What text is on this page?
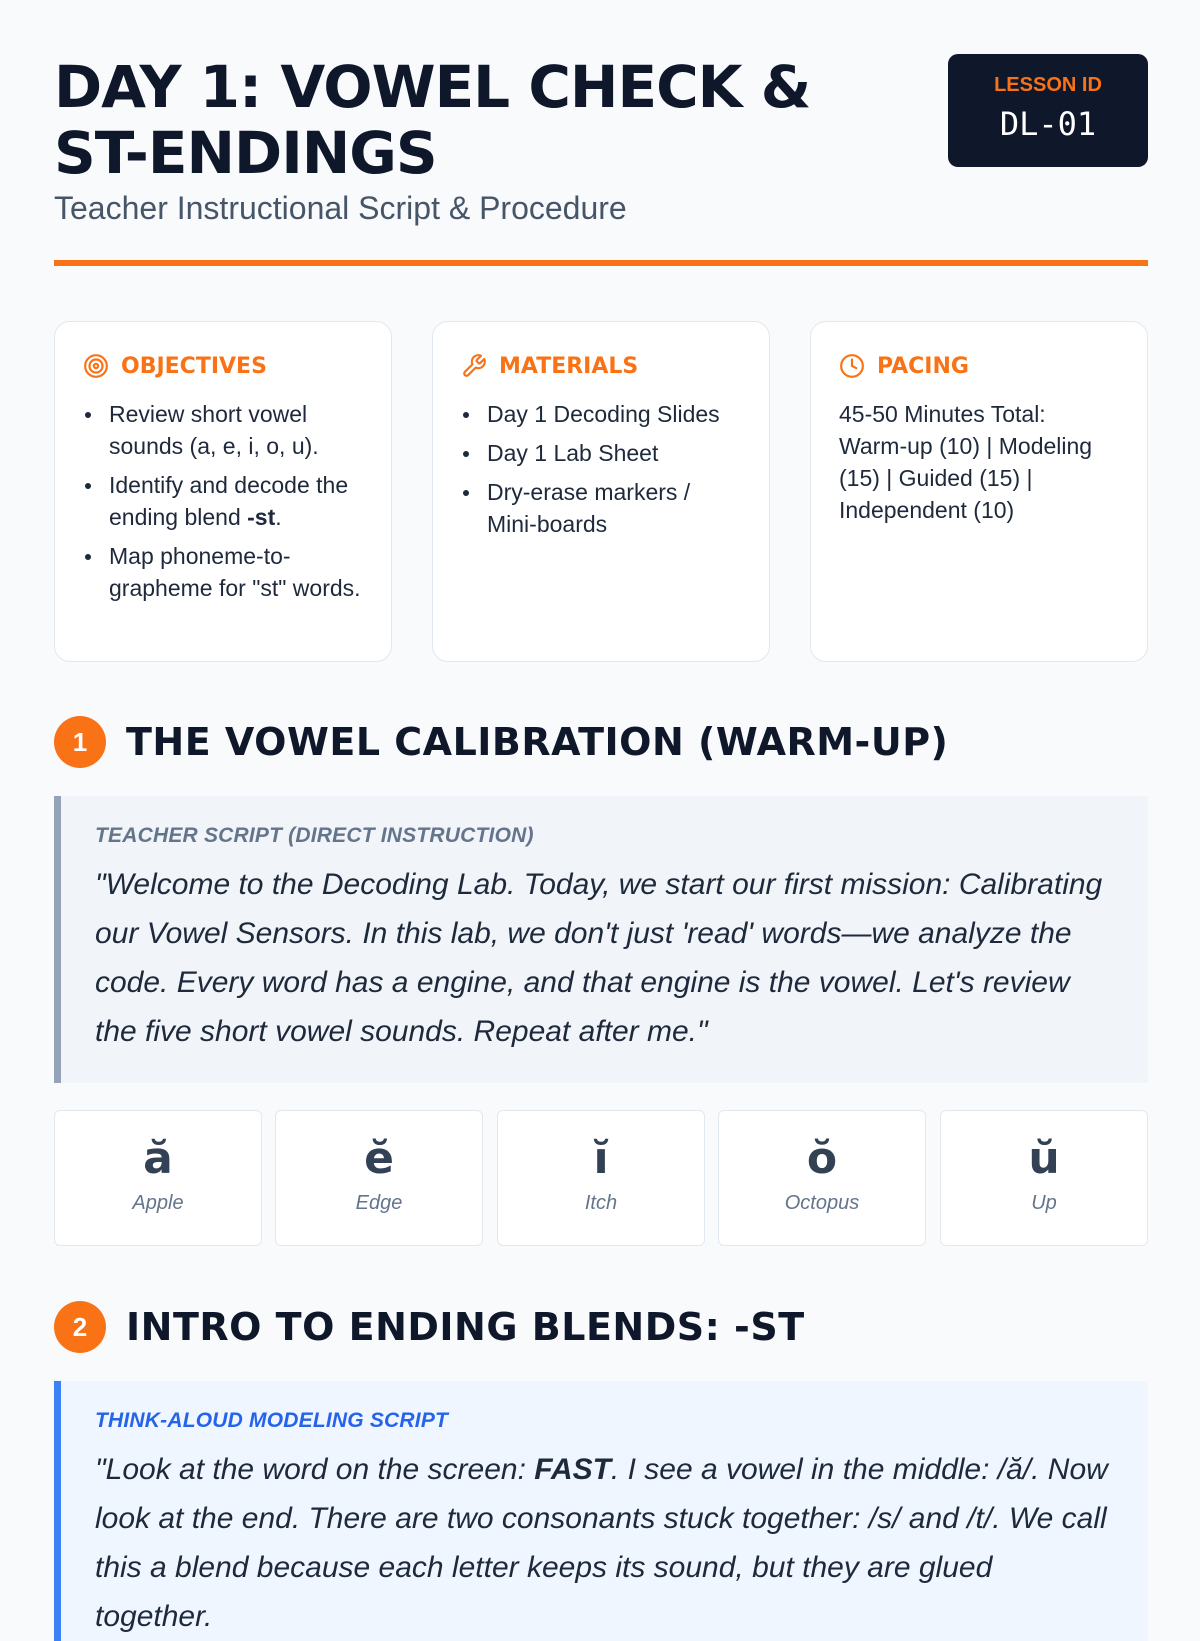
DAY 1: VOWEL CHECK & ST-ENDINGS
Teacher Instructional Script & Procedure
LESSON ID
DL-01
OBJECTIVES
Review short vowel sounds (a, e, i, o, u).
Identify and decode the ending blend -st.
Map phoneme-to-grapheme for "st" words.
MATERIALS
Day 1 Decoding Slides
Day 1 Lab Sheet
Dry-erase markers / Mini-boards
PACING
45-50 Minutes Total: Warm-up (10) | Modeling (15) | Guided (15) | Independent (10)
1	THE VOWEL CALIBRATION (WARM-UP)
TEACHER SCRIPT (DIRECT INSTRUCTION)

"Welcome to the Decoding Lab. Today, we start our first mission: Calibrating our Vowel Sensors. In this lab, we don't just 'read' words—we analyze the code. Every word has a engine, and that engine is the vowel. Let's review the five short vowel sounds. Repeat after me."

ă
Apple
ĕ
Edge
ĭ
Itch
ŏ
Octopus
ŭ
Up
2	INTRO TO ENDING BLENDS: -ST
THINK-ALOUD MODELING SCRIPT

"Look at the word on the screen: FAST. I see a vowel in the middle: /ă/. Now look at the end. There are two consonants stuck together: /s/ and /t/. We call this a blend because each letter keeps its sound, but they are glued together.
